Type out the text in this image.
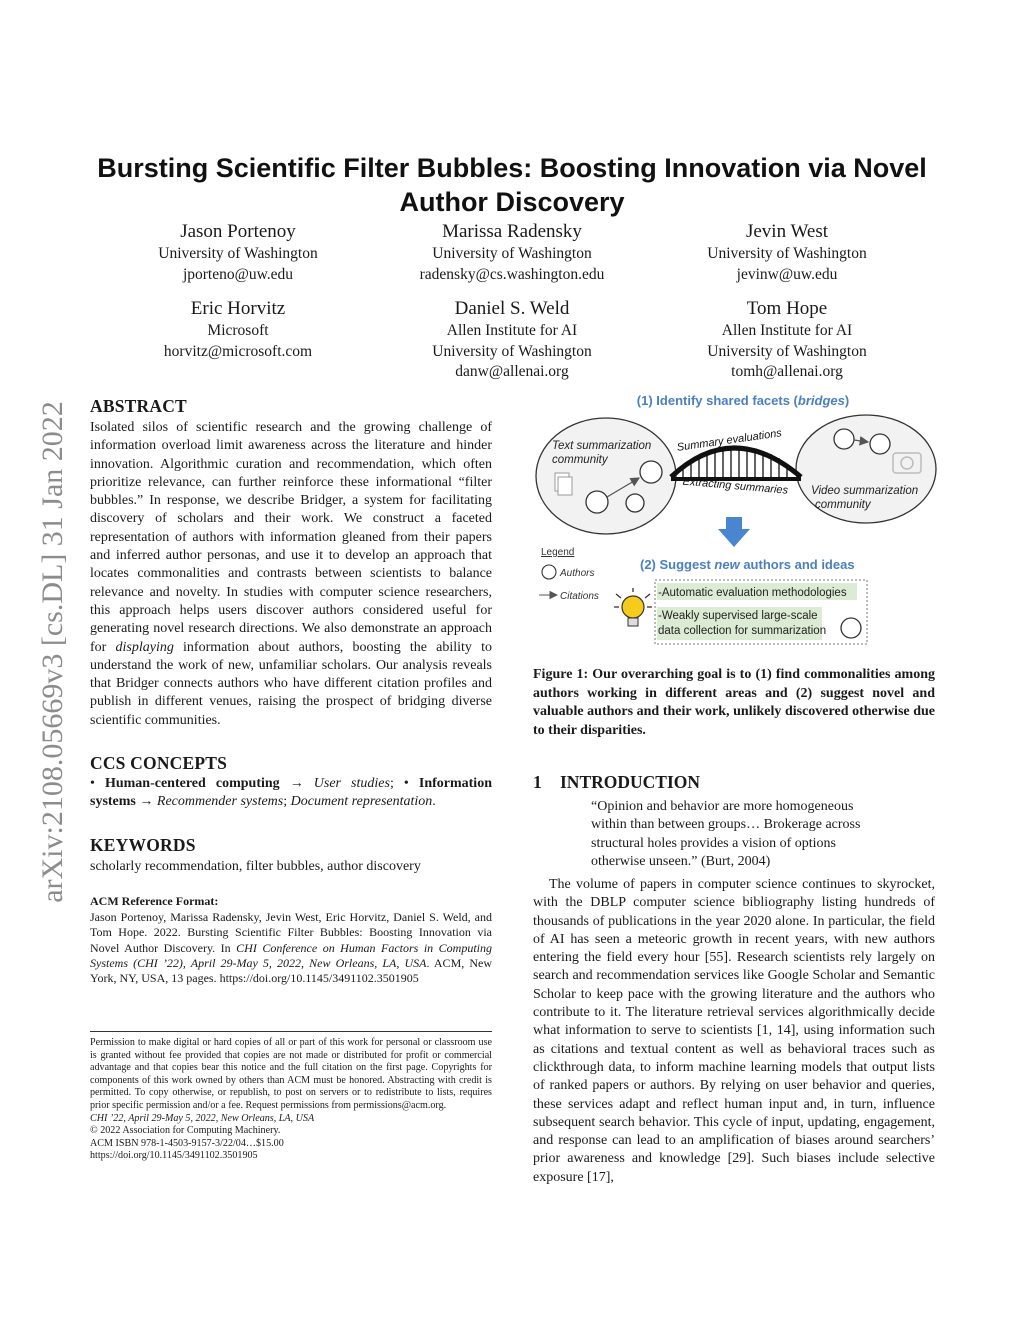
arXiv:2108.05669v3 [cs.DL] 31 Jan 2022
Bursting Scientific Filter Bubbles: Boosting Innovation via Novel Author Discovery
Jason Portenoy
University of Washington
jporteno@uw.edu
Marissa Radensky
University of Washington
radensky@cs.washington.edu
Jevin West
University of Washington
jevinw@uw.edu
Eric Horvitz
Microsoft
horvitz@microsoft.com
Daniel S. Weld
Allen Institute for AI
University of Washington
danw@allenai.org
Tom Hope
Allen Institute for AI
University of Washington
tomh@allenai.org
ABSTRACT

Isolated silos of scientific research and the growing challenge of information overload limit awareness across the literature and hinder innovation. Algorithmic curation and recommendation, which often prioritize relevance, can further reinforce these informational “filter bubbles.” In response, we describe Bridger, a system for facilitating discovery of scholars and their work. We construct a faceted representation of authors with information gleaned from their papers and inferred author personas, and use it to develop an approach that locates commonalities and contrasts between scientists to balance relevance and novelty. In studies with computer science researchers, this approach helps users discover authors considered useful for generating novel research directions. We also demonstrate an approach for displaying information about authors, boosting the ability to understand the work of new, unfamiliar scholars. Our analysis reveals that Bridger connects authors who have different citation profiles and publish in different venues, raising the prospect of bridging diverse scientific communities.

CCS CONCEPTS

• Human-centered computing → User studies; • Information systems → Recommender systems; Document representation.

KEYWORDS

scholarly recommendation, filter bubbles, author discovery

ACM Reference Format:

Jason Portenoy, Marissa Radensky, Jevin West, Eric Horvitz, Daniel S. Weld, and Tom Hope. 2022. Bursting Scientific Filter Bubbles: Boosting Innovation via Novel Author Discovery. In CHI Conference on Human Factors in Computing Systems (CHI ’22), April 29-May 5, 2022, New Orleans, LA, USA. ACM, New York, NY, USA, 13 pages. https://doi.org/10.1145/3491102.3501905

Permission to make digital or hard copies of all or part of this work for personal or classroom use is granted without fee provided that copies are not made or distributed for profit or commercial advantage and that copies bear this notice and the full citation on the first page. Copyrights for components of this work owned by others than ACM must be honored. Abstracting with credit is permitted. To copy otherwise, or republish, to post on servers or to redistribute to lists, requires prior specific permission and/or a fee. Request permissions from permissions@acm.org.

CHI ’22, April 29-May 5, 2022, New Orleans, LA, USA

© 2022 Association for Computing Machinery.

ACM ISBN 978-1-4503-9157-3/22/04…$15.00

https://doi.org/10.1145/3491102.3501905

(1) Identify shared facets (bridges)
Text summarization community
Video summarization community
Summary evaluations
Extracting summaries
Legend
Authors
Citations
(2) Suggest new authors and ideas
-Automatic evaluation methodologies
-Weakly supervised large-scale data collection for summarization

Figure 1: Our overarching goal is to (1) find commonalities among authors working in different areas and (2) suggest novel and valuable authors and their work, unlikely discovered otherwise due to their disparities.

1 INTRODUCTION

“Opinion and behavior are more homogeneous within than between groups… Brokerage across structural holes provides a vision of options otherwise unseen.” (Burt, 2004)

The volume of papers in computer science continues to skyrocket, with the DBLP computer science bibliography listing hundreds of thousands of publications in the year 2020 alone. In particular, the field of AI has seen a meteoric growth in recent years, with new authors entering the field every hour [55]. Research scientists rely largely on search and recommendation services like Google Scholar and Semantic Scholar to keep pace with the growing literature and the authors who contribute to it. The literature retrieval services algorithmically decide what information to serve to scientists [1, 14], using information such as citations and textual content as well as behavioral traces such as clickthrough data, to inform machine learning models that output lists of ranked papers or authors. By relying on user behavior and queries, these services adapt and reflect human input and, in turn, influence subsequent search behavior. This cycle of input, updating, engagement, and response can lead to an amplification of biases around searchers’ prior awareness and knowledge [29]. Such biases include selective exposure [17],
